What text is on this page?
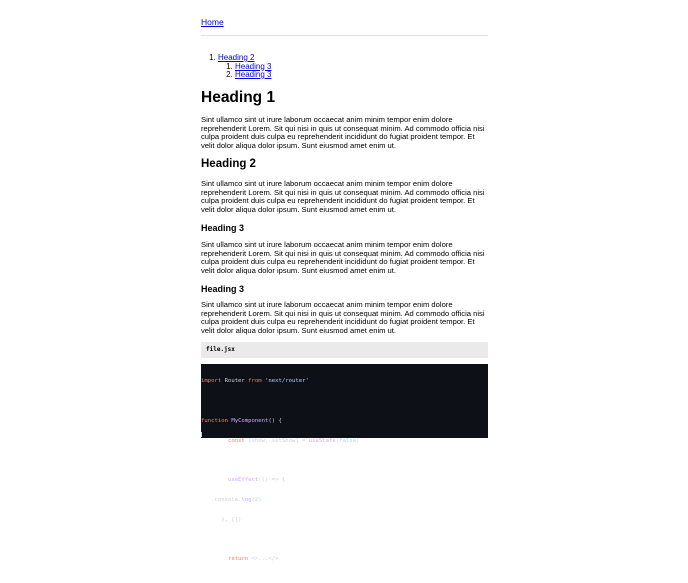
Home
1. Heading 2
1. Heading 3
2. Heading 3
Heading 1

Sint ullamco sint ut irure laborum occaecat anim minim tempor enim dolore reprehenderit Lorem. Sit qui nisi in quis ut consequat minim. Ad commodo officia nisi culpa proident duis culpa eu reprehenderit incididunt do fugiat proident tempor. Et velit dolor aliqua dolor ipsum. Sunt eiusmod amet enim ut.

Heading 2

Sint ullamco sint ut irure laborum occaecat anim minim tempor enim dolore reprehenderit Lorem. Sit qui nisi in quis ut consequat minim. Ad commodo officia nisi culpa proident duis culpa eu reprehenderit incididunt do fugiat proident tempor. Et velit dolor aliqua dolor ipsum. Sunt eiusmod amet enim ut.

Heading 3

Sint ullamco sint ut irure laborum occaecat anim minim tempor enim dolore reprehenderit Lorem. Sit qui nisi in quis ut consequat minim. Ad commodo officia nisi culpa proident duis culpa eu reprehenderit incididunt do fugiat proident tempor. Et velit dolor aliqua dolor ipsum. Sunt eiusmod amet enim ut.

Heading 3

Sint ullamco sint ut irure laborum occaecat anim minim tempor enim dolore reprehenderit Lorem. Sit qui nisi in quis ut consequat minim. Ad commodo officia nisi culpa proident duis culpa eu reprehenderit incididunt do fugiat proident tempor. Et velit dolor aliqua dolor ipsum. Sunt eiusmod amet enim ut.

file.jsx

import Router from 'next/router'

function MyComponent() {

const [show, setShow] = useState(false)

useEffect(() => {

console.log(2)

}, [])

return <>...</>
